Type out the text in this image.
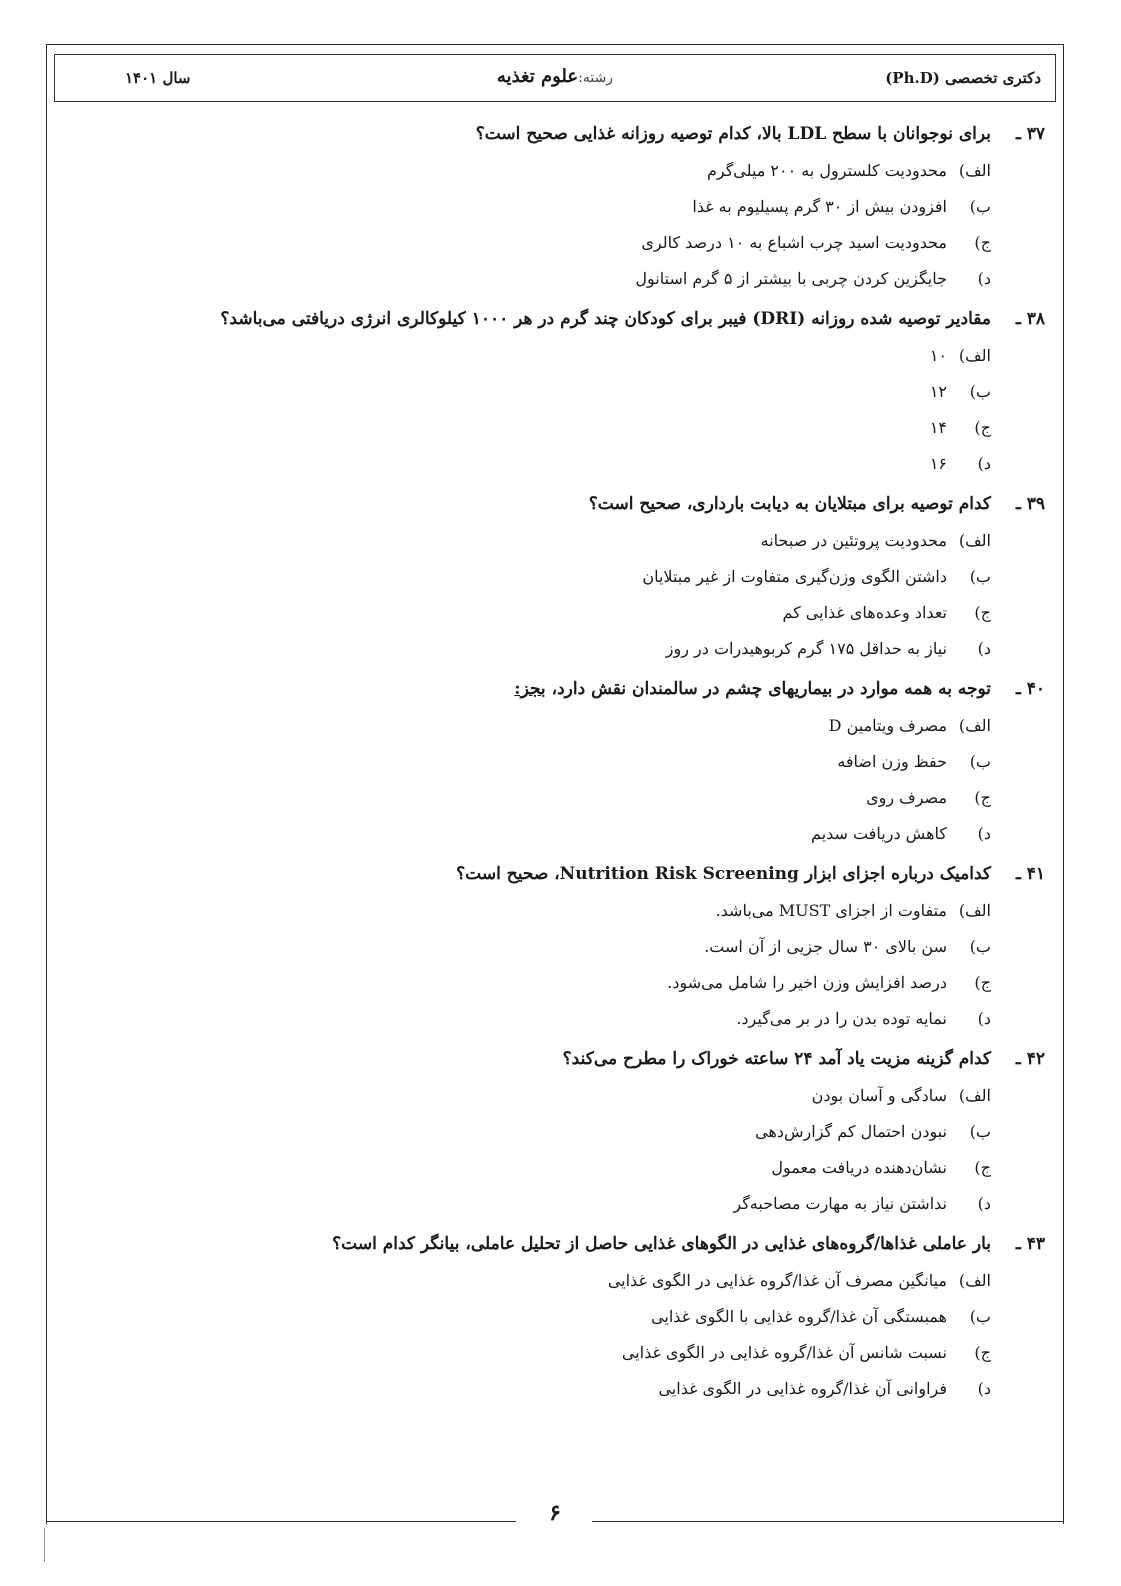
دکتری تخصصی (Ph.D)
رشته:علوم تغذیه
سال ۱۴۰۱
۳۷ ـ
برای نوجوانان با سطح LDL بالا، کدام توصیه روزانه غذایی صحیح است؟
الف)
محدودیت کلسترول به ۲۰۰ میلی‌گرم
ب)
افزودن بیش از ۳۰ گرم پسیلیوم به غذا
ج)
محدودیت اسید چرب اشباع به ۱۰ درصد کالری
د)
جایگزین کردن چربی با بیشتر از ۵ گرم استانول
۳۸ ـ
مقادیر توصیه شده روزانه (DRI) فیبر برای کودکان چند گرم در هر ۱۰۰۰ کیلوکالری انرژی دریافتی می‌باشد؟
الف)
۱۰
ب)
۱۲
ج)
۱۴
د)
۱۶
۳۹ ـ
کدام توصیه برای مبتلایان به دیابت بارداری، صحیح است؟
الف)
محدودیت پروتئین در صبحانه
ب)
داشتن الگوی وزن‌گیری متفاوت از غیر مبتلایان
ج)
تعداد وعده‌های غذایی کم
د)
نیاز به حداقل ۱۷۵ گرم کربوهیدرات در روز
۴۰ ـ
توجه به همه موارد در بیماریهای چشم در سالمندان نقش دارد، بجز:
الف)
مصرف ویتامین D
ب)
حفظ وزن اضافه
ج)
مصرف روی
د)
کاهش دریافت سدیم
۴۱ ـ
کدامیک درباره اجزای ابزار Nutrition Risk Screening، صحیح است؟
الف)
متفاوت از اجزای MUST می‌باشد.
ب)
سن بالای ۳۰ سال جزیی از آن است.
ج)
درصد افزایش وزن اخیر را شامل می‌شود.
د)
نمایه توده بدن را در بر می‌گیرد.
۴۲ ـ
کدام گزینه مزیت یاد آمد ۲۴ ساعته خوراک را مطرح می‌کند؟
الف)
سادگی و آسان بودن
ب)
نبودن احتمال کم گزارش‌دهی
ج)
نشان‌دهنده دریافت معمول
د)
نداشتن نیاز به مهارت مصاحبه‌گر
۴۳ ـ
بار عاملی غذاها/گروه‌های غذایی در الگوهای غذایی حاصل از تحلیل عاملی، بیانگر کدام است؟
الف)
میانگین مصرف آن غذا/گروه غذایی در الگوی غذایی
ب)
همبستگی آن غذا/گروه غذایی با الگوی غذایی
ج)
نسبت شانس آن غذا/گروه غذایی در الگوی غذایی
د)
فراوانی آن غذا/گروه غذایی در الگوی غذایی
۶
